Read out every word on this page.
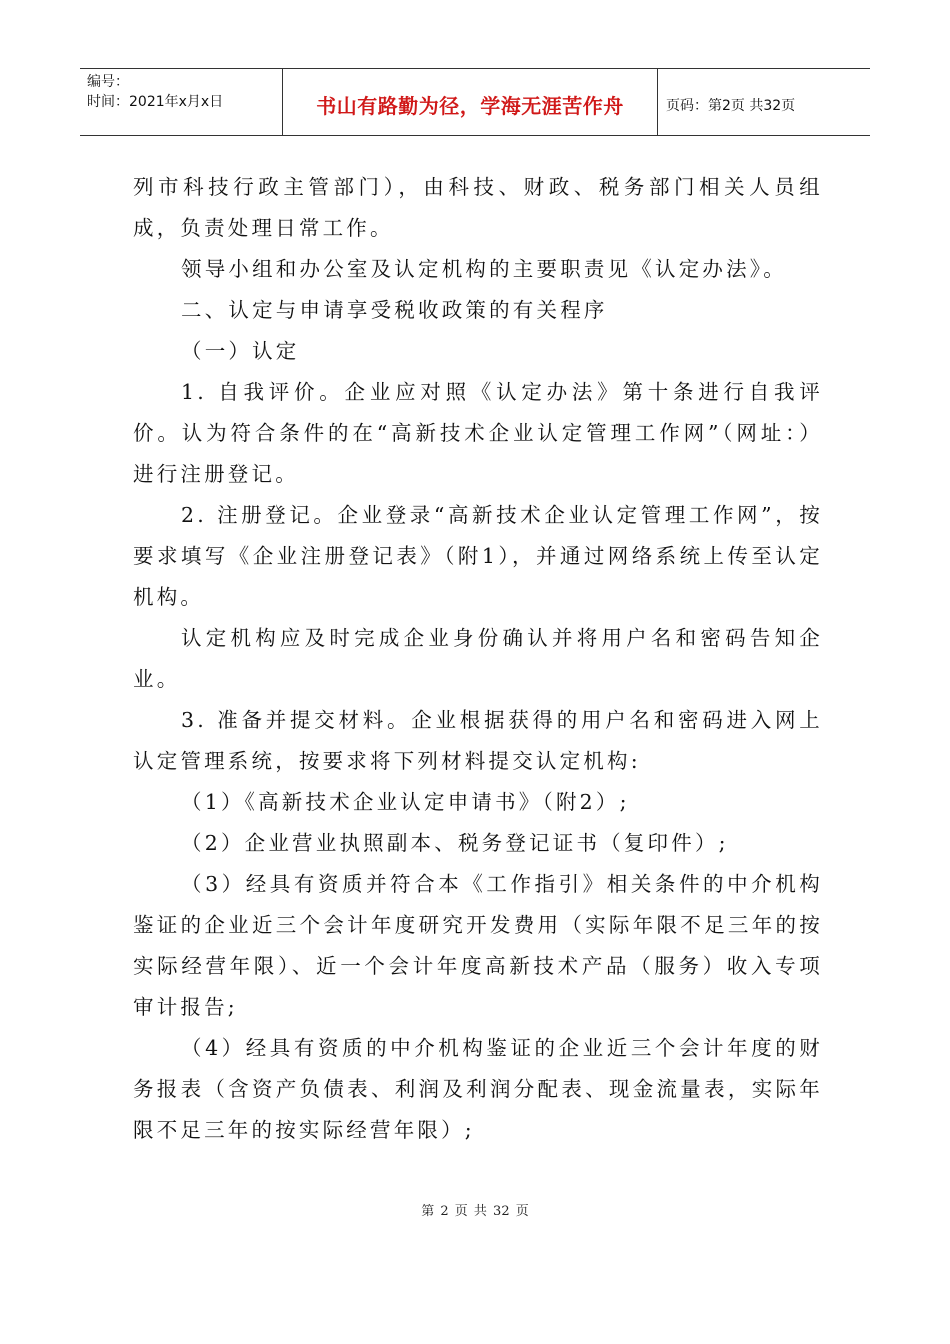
编号：
时间：2021年x月x日	书山有路勤为径，学海无涯苦作舟	页码：第2页 共32页

列市科技行政主管部门），由科技、财政、税务部门相关人员组成，负责处理日常工作。

领导小组和办公室及认定机构的主要职责见《认定办法》。

二、认定与申请享受税收政策的有关程序

（一）认定

1. 自我评价。企业应对照《认定办法》第十条进行自我评价。认为符合条件的在“高新技术企业认定管理工作网”（网址：）进行注册登记。

2. 注册登记。企业登录“高新技术企业认定管理工作网”，按要求填写《企业注册登记表》（附1），并通过网络系统上传至认定机构。

认定机构应及时完成企业身份确认并将用户名和密码告知企业。

3. 准备并提交材料。企业根据获得的用户名和密码进入网上认定管理系统，按要求将下列材料提交认定机构:

（1）《高新技术企业认定申请书》（附2）;

（2）企业营业执照副本、税务登记证书（复印件）;

（3）经具有资质并符合本《工作指引》相关条件的中介机构鉴证的企业近三个会计年度研究开发费用（实际年限不足三年的按实际经营年限）、近一个会计年度高新技术产品（服务）收入专项审计报告;

（4）经具有资质的中介机构鉴证的企业近三个会计年度的财务报表（含资产负债表、利润及利润分配表、现金流量表，实际年限不足三年的按实际经营年限）;

第 2 页 共 32 页
